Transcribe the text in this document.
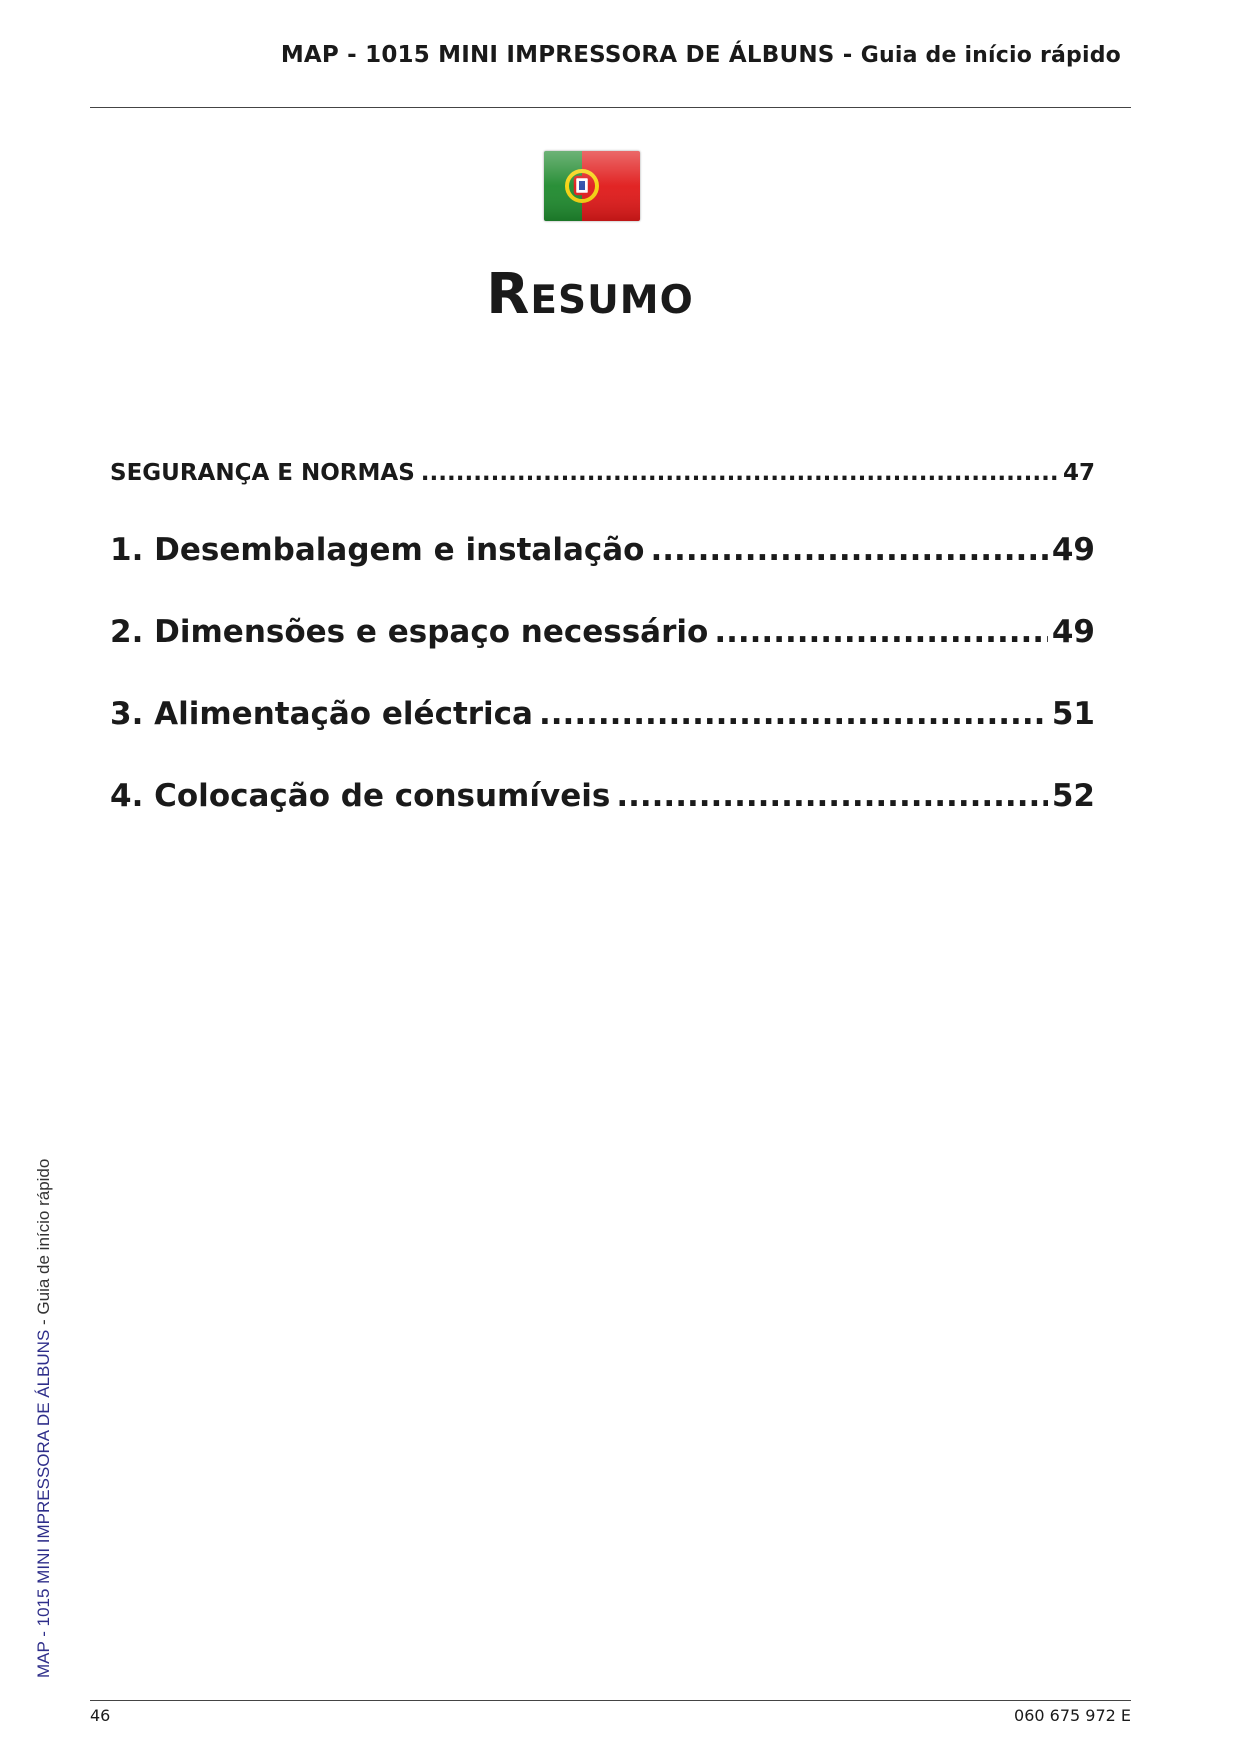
MAP - 1015 MINI IMPRESSORA DE ÁLBUNS - Guia de início rápido
Resumo
SEGURANÇA E NORMAS .....	47
1. Desembalagem e instalação .....	49
2. Dimensões e espaço necessário .....	49
3. Alimentação eléctrica .....	51
4. Colocação de consumíveis .....	52
MAP - 1015 MINI IMPRESSORA DE ÁLBUNS - Guia de início rápido
46	060 675 972 E
